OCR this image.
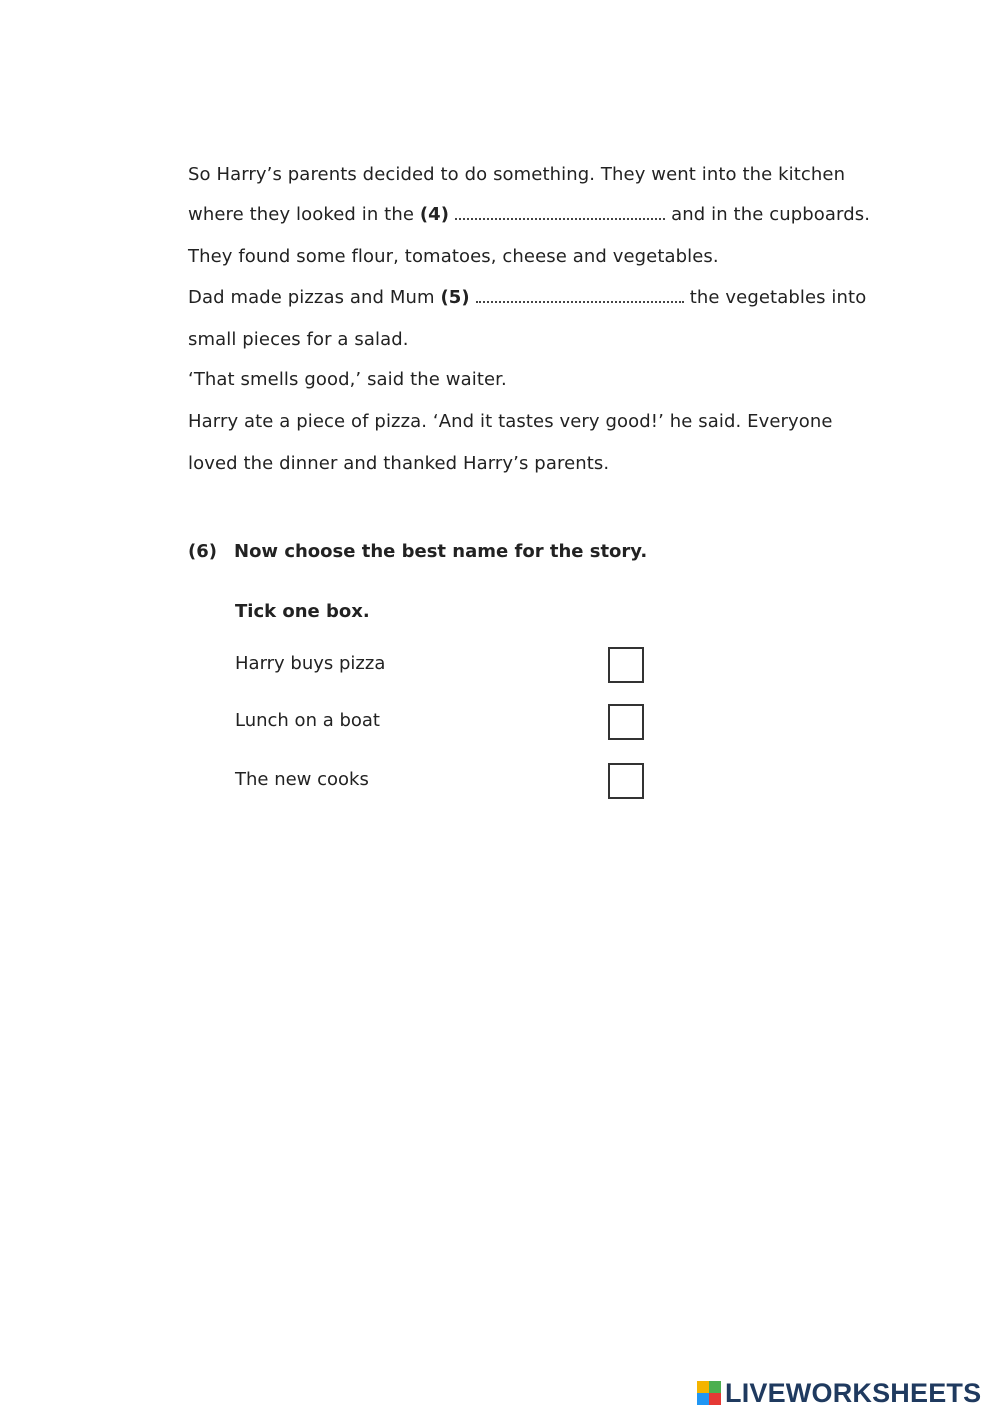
So Harry’s parents decided to do something. They went into the kitchen
where they looked in the (4)	and in the cupboards.
They found some flour, tomatoes, cheese and vegetables.
Dad made pizzas and Mum (5)	the vegetables into
small pieces for a salad.
‘That smells good,’ said the waiter.
Harry ate a piece of pizza. ‘And it tastes very good!’ he said. Everyone
loved the dinner and thanked Harry’s parents.
(6) Now choose the best name for the story.
Tick one box.
Harry buys pizza
Lunch on a boat
The new cooks
LIVEWORKSHEETS
